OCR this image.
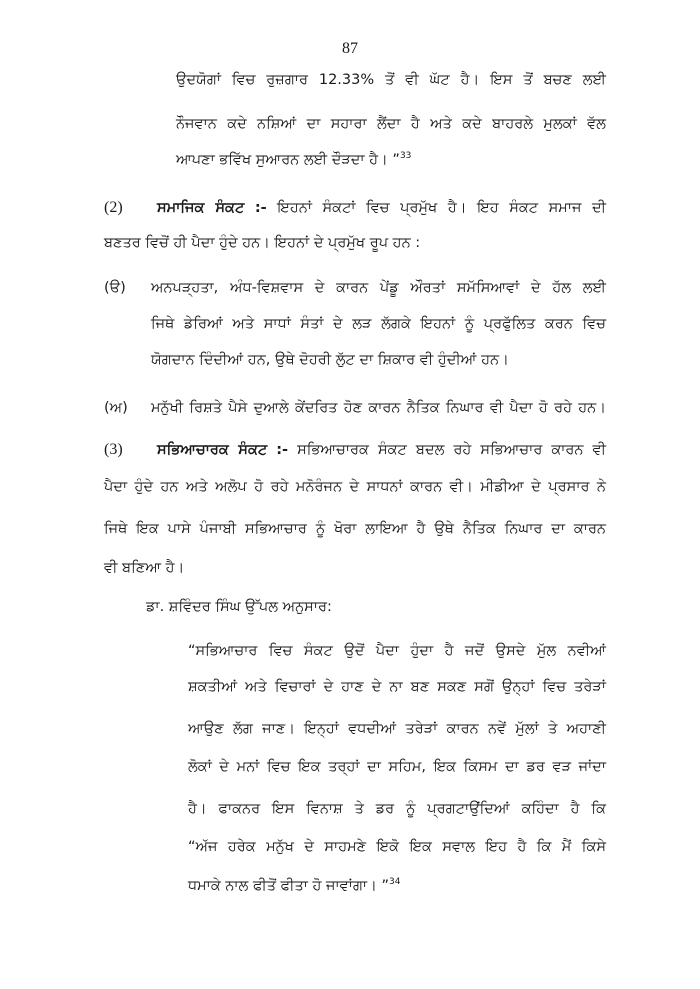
87
ਉਦਯੋਗਾਂ ਵਿਚ ਰੁਜ਼ਗਾਰ 12.33% ਤੋਂ ਵੀ ਘੱਟ ਹੈ। ਇਸ ਤੋਂ ਬਚਣ ਲਈ
ਨੌਜਵਾਨ ਕਦੇ ਨਸ਼ਿਆਂ ਦਾ ਸਹਾਰਾ ਲੈਂਦਾ ਹੈ ਅਤੇ ਕਦੇ ਬਾਹਰਲੇ ਮੁਲਕਾਂ ਵੱਲ
ਆਪਣਾ ਭਵਿੱਖ ਸੁਆਰਨ ਲਈ ਦੌੜਦਾ ਹੈ। ”$^{33}$
(2) ਸਮਾਜਿਕ ਸੰਕਟ :- ਇਹਨਾਂ ਸੰਕਟਾਂ ਵਿਚ ਪ੍ਰਮੁੱਖ ਹੈ। ਇਹ ਸੰਕਟ ਸਮਾਜ ਦੀ
ਬਣਤਰ ਵਿਚੋਂ ਹੀ ਪੈਦਾ ਹੁੰਦੇ ਹਨ। ਇਹਨਾਂ ਦੇ ਪ੍ਰਮੁੱਖ ਰੂਪ ਹਨ :
(ੳ) ਅਨਪੜ੍ਹਤਾ, ਅੰਧ-ਵਿਸ਼ਵਾਸ ਦੇ ਕਾਰਨ ਪੇਂਡੂ ਔਰਤਾਂ ਸਮੱਸਿਆਵਾਂ ਦੇ ਹੱਲ ਲਈ
ਜਿਥੇ ਡੇਰਿਆਂ ਅਤੇ ਸਾਧਾਂ ਸੰਤਾਂ ਦੇ ਲੜ ਲੱਗਕੇ ਇਹਨਾਂ ਨੂੰ ਪ੍ਰਫੁੱਲਿਤ ਕਰਨ ਵਿਚ
ਯੋਗਦਾਨ ਦਿੰਦੀਆਂ ਹਨ, ਉਥੇ ਦੋਹਰੀ ਲੁੱਟ ਦਾ ਸ਼ਿਕਾਰ ਵੀ ਹੁੰਦੀਆਂ ਹਨ।
(ਅ) ਮਨੁੱਖੀ ਰਿਸ਼ਤੇ ਪੈਸੇ ਦੁਆਲੇ ਕੇਂਦਰਿਤ ਹੋਣ ਕਾਰਨ ਨੈਤਿਕ ਨਿਘਾਰ ਵੀ ਪੈਦਾ ਹੋ ਰਹੇ ਹਨ।
(3) ਸਭਿਆਚਾਰਕ ਸੰਕਟ :- ਸਭਿਆਚਾਰਕ ਸੰਕਟ ਬਦਲ ਰਹੇ ਸਭਿਆਚਾਰ ਕਾਰਨ ਵੀ
ਪੈਦਾ ਹੁੰਦੇ ਹਨ ਅਤੇ ਅਲੋਪ ਹੋ ਰਹੇ ਮਨੋਰੰਜਨ ਦੇ ਸਾਧਨਾਂ ਕਾਰਨ ਵੀ। ਮੀਡੀਆ ਦੇ ਪ੍ਰਸਾਰ ਨੇ
ਜਿਥੇ ਇਕ ਪਾਸੇ ਪੰਜਾਬੀ ਸਭਿਆਚਾਰ ਨੂੰ ਖੋਰਾ ਲਾਇਆ ਹੈ ਉਥੇ ਨੈਤਿਕ ਨਿਘਾਰ ਦਾ ਕਾਰਨ
ਵੀ ਬਣਿਆ ਹੈ।
ਡਾ. ਸ਼ਵਿੰਦਰ ਸਿੰਘ ਉੱਪਲ ਅਨੁਸਾਰ:
“ਸਭਿਆਚਾਰ ਵਿਚ ਸੰਕਟ ਉਦੋਂ ਪੈਦਾ ਹੁੰਦਾ ਹੈ ਜਦੋਂ ਉਸਦੇ ਮੁੱਲ ਨਵੀਆਂ
ਸ਼ਕਤੀਆਂ ਅਤੇ ਵਿਚਾਰਾਂ ਦੇ ਹਾਣ ਦੇ ਨਾ ਬਣ ਸਕਣ ਸਗੋਂ ਉਨ੍ਹਾਂ ਵਿਚ ਤਰੇੜਾਂ
ਆਉਣ ਲੱਗ ਜਾਣ। ਇਨ੍ਹਾਂ ਵਧਦੀਆਂ ਤਰੇੜਾਂ ਕਾਰਨ ਨਵੇਂ ਮੁੱਲਾਂ ਤੇ ਅਹਾਣੀ
ਲੋਕਾਂ ਦੇ ਮਨਾਂ ਵਿਚ ਇਕ ਤਰ੍ਹਾਂ ਦਾ ਸਹਿਮ, ਇਕ ਕਿਸਮ ਦਾ ਡਰ ਵੜ ਜਾਂਦਾ
ਹੈ। ਫਾਕਨਰ ਇਸ ਵਿਨਾਸ਼ ਤੇ ਡਰ ਨੂੰ ਪ੍ਰਗਟਾਉਂਦਿਆਂ ਕਹਿੰਦਾ ਹੈ ਕਿ
“ਅੱਜ ਹਰੇਕ ਮਨੁੱਖ ਦੇ ਸਾਹਮਣੇ ਇਕੋ ਇਕ ਸਵਾਲ ਇਹ ਹੈ ਕਿ ਮੈਂ ਕਿਸੇ
ਧਮਾਕੇ ਨਾਲ ਫੀਤੋਂ ਫੀਤਾ ਹੋ ਜਾਵਾਂਗਾ। ”$^{34}$
